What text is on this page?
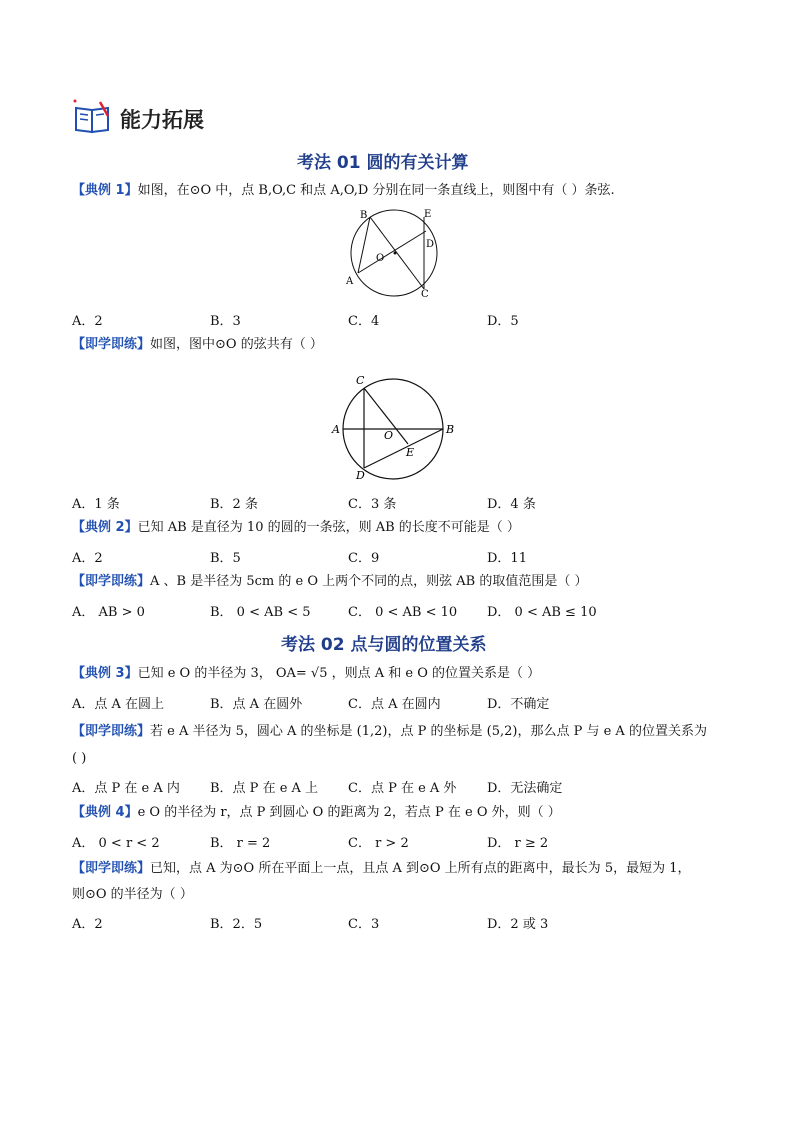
能力拓展
考法 01 圆的有关计算
【典例 1】如图，在⊙O 中，点 B,O,C 和点 A,O,D 分别在同一条直线上，则图中有（ ）条弦.
B	E
D
O
A
C
A．2	B．3	C．4	D．5
【即学即练】如图，图中⊙O 的弦共有（ ）
C
A	O	B
E
D
A．1 条	B．2 条	C．3 条	D．4 条
【典例 2】已知 AB 是直径为 10 的圆的一条弦，则 AB 的长度不可能是（ ）
A．2	B．5	C．9	D．11
【即学即练】A 、B 是半径为 5cm 的 e O 上两个不同的点，则弦 AB 的取值范围是（ ）
A． AB > 0	B． 0 < AB < 5	C． 0 < AB < 10 D． 0 < AB ≤ 10
考法 02 点与圆的位置关系
【典例 3】已知 e O 的半径为 3， OA= √5 ，则点 A 和 e O 的位置关系是（ ）
A．点 A 在圆上	B．点 A 在圆外	C．点 A 在圆内	D．不确定
【即学即练】若 e A 半径为 5，圆心 A 的坐标是 (1,2)，点 P 的坐标是 (5,2)，那么点 P 与 e A 的位置关系为
( )
A．点 P 在 e A 内 B．点 P 在 e A 上 C．点 P 在 e A 外 D．无法确定
【典例 4】e O 的半径为 r，点 P 到圆心 O 的距离为 2，若点 P 在 e O 外，则（ ）
A． 0 < r < 2	B． r = 2	C． r > 2	D． r ≥ 2
【即学即练】已知，点 A 为⊙O 所在平面上一点，且点 A 到⊙O 上所有点的距离中，最长为 5，最短为 1，
则⊙O 的半径为（ ）
A．2	B．2．5	C．3	D．2 或 3
